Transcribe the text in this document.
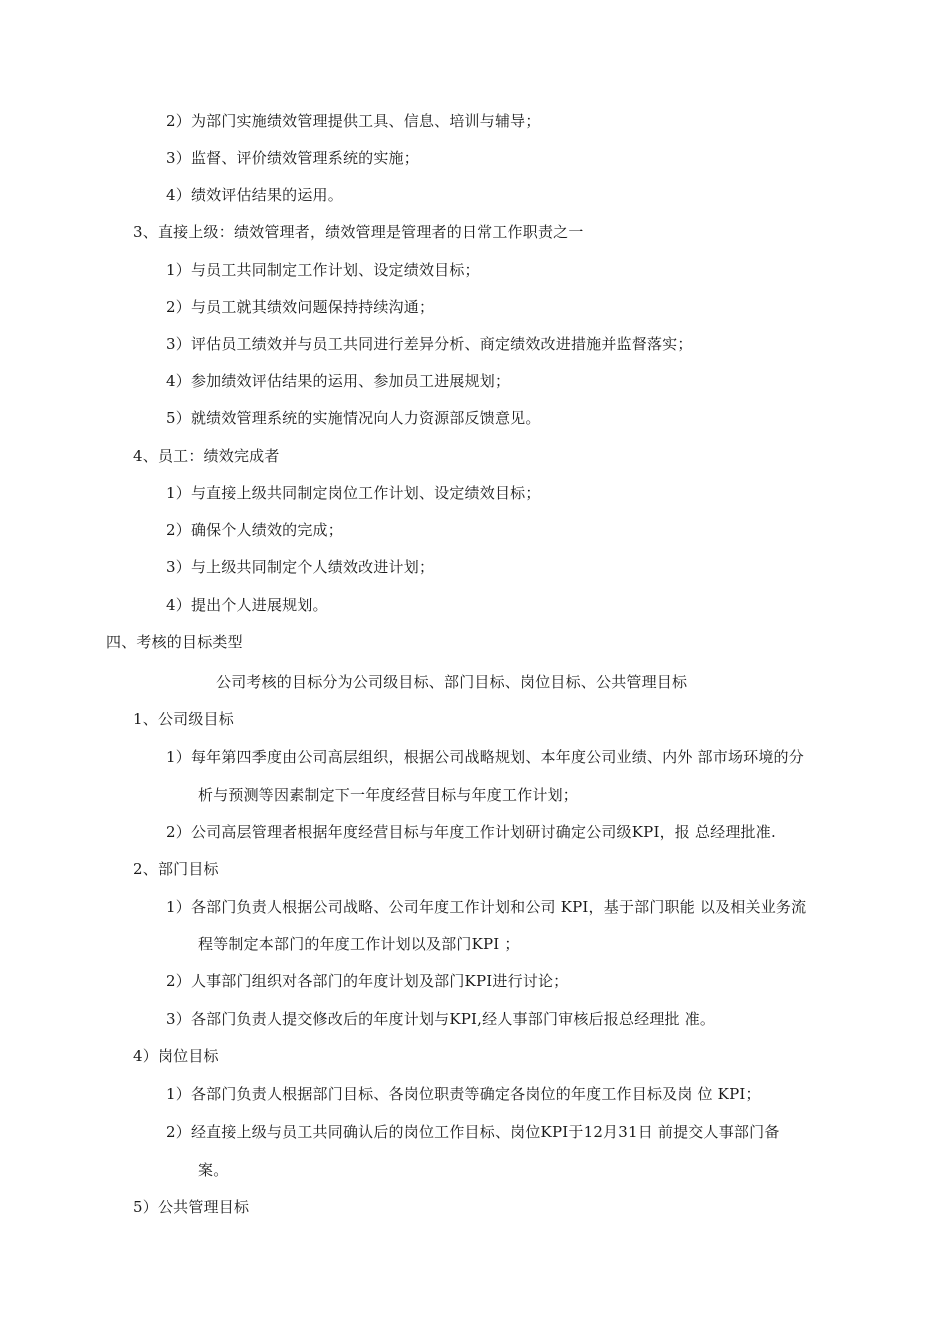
2）为部门实施绩效管理提供工具、信息、培训与辅导；

3）监督、评价绩效管理系统的实施；

4）绩效评估结果的运用。

3、直接上级：绩效管理者，绩效管理是管理者的日常工作职责之一

1）与员工共同制定工作计划、设定绩效目标；

2）与员工就其绩效问题保持持续沟通；

3）评估员工绩效并与员工共同进行差异分析、商定绩效改进措施并监督落实；

4）参加绩效评估结果的运用、参加员工进展规划；

5）就绩效管理系统的实施情况向人力资源部反馈意见。

4、员工：绩效完成者

1）与直接上级共同制定岗位工作计划、设定绩效目标；

2）确保个人绩效的完成；

3）与上级共同制定个人绩效改进计划；

4）提出个人进展规划。

四、考核的目标类型

公司考核的目标分为公司级目标、部门目标、岗位目标、公共管理目标

1、公司级目标

1）每年第四季度由公司高层组织，根据公司战略规划、本年度公司业绩、内外 部市场环境的分

析与预测等因素制定下一年度经营目标与年度工作计划；

2）公司高层管理者根据年度经营目标与年度工作计划研讨确定公司级KPI，报 总经理批准.

2、部门目标

1）各部门负责人根据公司战略、公司年度工作计划和公司 KPI，基于部门职能 以及相关业务流

程等制定本部门的年度工作计划以及部门KPI ；

2）人事部门组织对各部门的年度计划及部门KPI进行讨论；

3）各部门负责人提交修改后的年度计划与KPI,经人事部门审核后报总经理批 准。

4）岗位目标

1）各部门负责人根据部门目标、各岗位职责等确定各岗位的年度工作目标及岗 位 KPI；

2）经直接上级与员工共同确认后的岗位工作目标、岗位KPI于12月31日 前提交人事部门备

案。

5）公共管理目标
